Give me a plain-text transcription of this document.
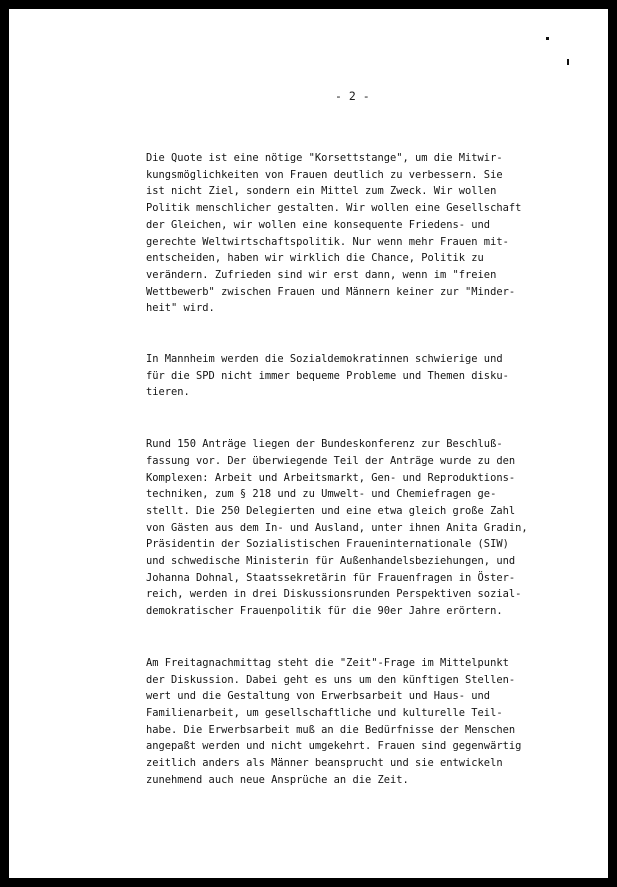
- 2 -

Die Quote ist eine nötige "Korsettstange", um die Mitwir-
kungsmöglichkeiten von Frauen deutlich zu verbessern. Sie
ist nicht Ziel, sondern ein Mittel zum Zweck. Wir wollen
Politik menschlicher gestalten. Wir wollen eine Gesellschaft
der Gleichen, wir wollen eine konsequente Friedens- und
gerechte Weltwirtschaftspolitik. Nur wenn mehr Frauen mit-
entscheiden, haben wir wirklich die Chance, Politik zu
verändern. Zufrieden sind wir erst dann, wenn im "freien
Wettbewerb" zwischen Frauen und Männern keiner zur "Minder-
heit" wird.

In Mannheim werden die Sozialdemokratinnen schwierige und
für die SPD nicht immer bequeme Probleme und Themen disku-
tieren.

Rund 150 Anträge liegen der Bundeskonferenz zur Beschluß-
fassung vor. Der überwiegende Teil der Anträge wurde zu den
Komplexen: Arbeit und Arbeitsmarkt, Gen- und Reproduktions-
techniken, zum § 218 und zu Umwelt- und Chemiefragen ge-
stellt. Die 250 Delegierten und eine etwa gleich große Zahl
von Gästen aus dem In- und Ausland, unter ihnen Anita Gradin,
Präsidentin der Sozialistischen Fraueninternationale (SIW)
und schwedische Ministerin für Außenhandelsbeziehungen, und
Johanna Dohnal, Staatssekretärin für Frauenfragen in Öster-
reich, werden in drei Diskussionsrunden Perspektiven sozial-
demokratischer Frauenpolitik für die 90er Jahre erörtern.

Am Freitagnachmittag steht die "Zeit"-Frage im Mittelpunkt
der Diskussion. Dabei geht es uns um den künftigen Stellen-
wert und die Gestaltung von Erwerbsarbeit und Haus- und
Familienarbeit, um gesellschaftliche und kulturelle Teil-
habe. Die Erwerbsarbeit muß an die Bedürfnisse der Menschen
angepaßt werden und nicht umgekehrt. Frauen sind gegenwärtig
zeitlich anders als Männer beansprucht und sie entwickeln
zunehmend auch neue Ansprüche an die Zeit.
